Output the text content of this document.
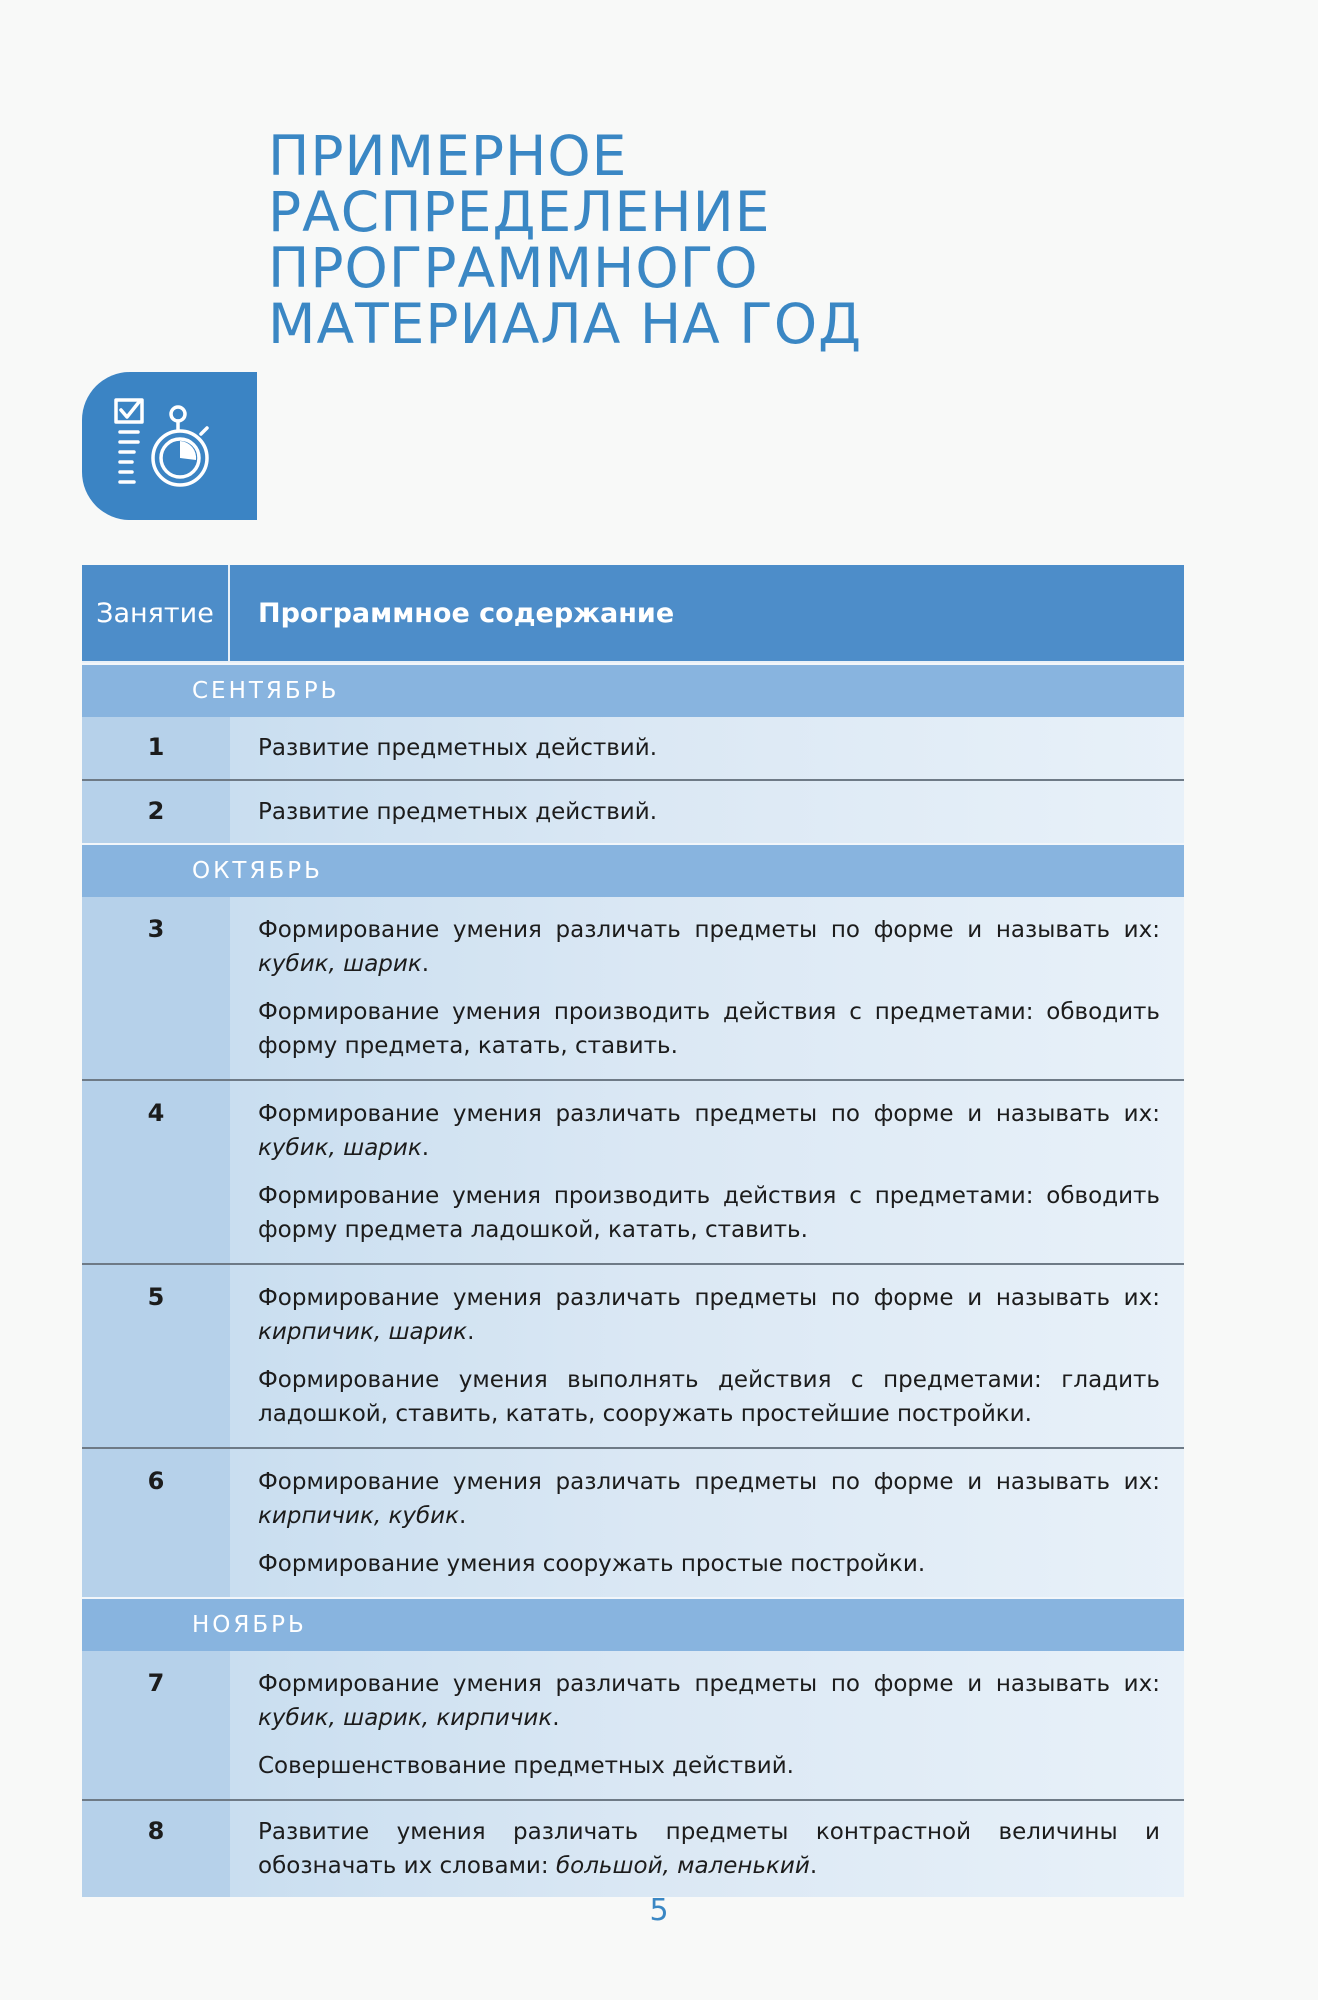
ПРИМЕРНОЕ
РАСПРЕДЕЛЕНИЕ
ПРОГРАММНОГО
МАТЕРИАЛА НА ГОД
Занятие	Программное содержание
СЕНТЯБРЬ
1	Развитие предметных действий.

2	Развитие предметных действий.

ОКТЯБРЬ
3	Формирование умения различать предметы по форме и называть их: кубик, шарик.

Формирование умения производить действия с предметами: обводить форму предмета, катать, ставить.

4	Формирование умения различать предметы по форме и называть их: кубик, шарик.

Формирование умения производить действия с предметами: обводить форму предмета ладошкой, катать, ставить.

5	Формирование умения различать предметы по форме и называть их: кирпичик, шарик.

Формирование умения выполнять действия с предметами: гладить ладошкой, ставить, катать, сооружать простейшие постройки.

6	Формирование умения различать предметы по форме и называть их: кирпичик, кубик.

Формирование умения сооружать простые постройки.

НОЯБРЬ
7	Формирование умения различать предметы по форме и называть их: кубик, шарик, кирпичик.

Совершенствование предметных действий.

8	Развитие умения различать предметы контрастной величины и обозначать их словами: большой, маленький.

5
